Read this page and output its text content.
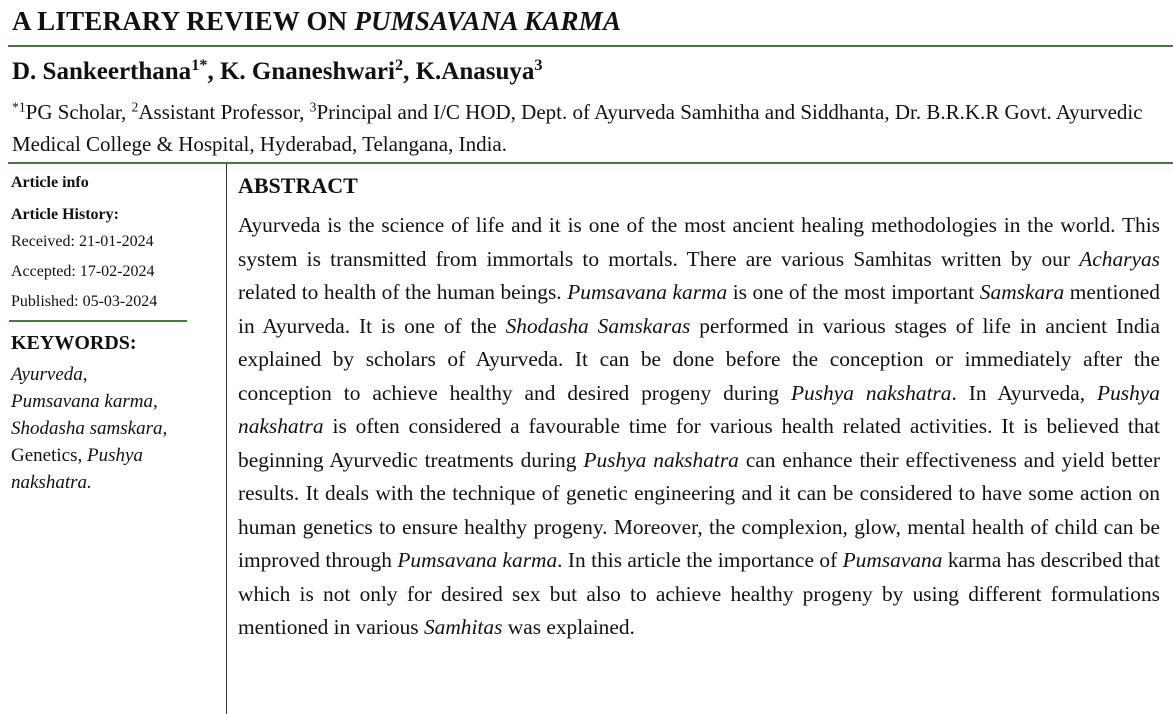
A LITERARY REVIEW ON PUMSAVANA KARMA

D. Sankeerthana$^{1*}$, K. Gnaneshwari$^2$, K.Anasuya$^3$

$^{*1}$PG Scholar, $^2$Assistant Professor, $^3$Principal and I/C HOD, Dept. of Ayurveda Samhitha and Siddhanta, Dr. B.R.K.R Govt. Ayurvedic Medical College & Hospital, Hyderabad, Telangana, India.

Article info
Article History:
Received: 21-01-2024
Accepted: 17-02-2024
Published: 05-03-2024
KEYWORDS:
Ayurveda,
Pumsavana karma,
Shodasha samskara,
Genetics, Pushya nakshatra.
ABSTRACT

Ayurveda is the science of life and it is one of the most ancient healing methodologies in the world. This system is transmitted from immortals to mortals. There are various Samhitas written by our Acharyas related to health of the human beings. Pumsavana karma is one of the most important Samskara mentioned in Ayurveda. It is one of the Shodasha Samskaras performed in various stages of life in ancient India explained by scholars of Ayurveda. It can be done before the conception or immediately after the conception to achieve healthy and desired progeny during Pushya nakshatra. In Ayurveda, Pushya nakshatra is often considered a favourable time for various health related activities. It is believed that beginning Ayurvedic treatments during Pushya nakshatra can enhance their effectiveness and yield better results. It deals with the technique of genetic engineering and it can be considered to have some action on human genetics to ensure healthy progeny. Moreover, the complexion, glow, mental health of child can be improved through Pumsavana karma. In this article the importance of Pumsavana karma has described that which is not only for desired sex but also to achieve healthy progeny by using different formulations mentioned in various Samhitas was explained.
